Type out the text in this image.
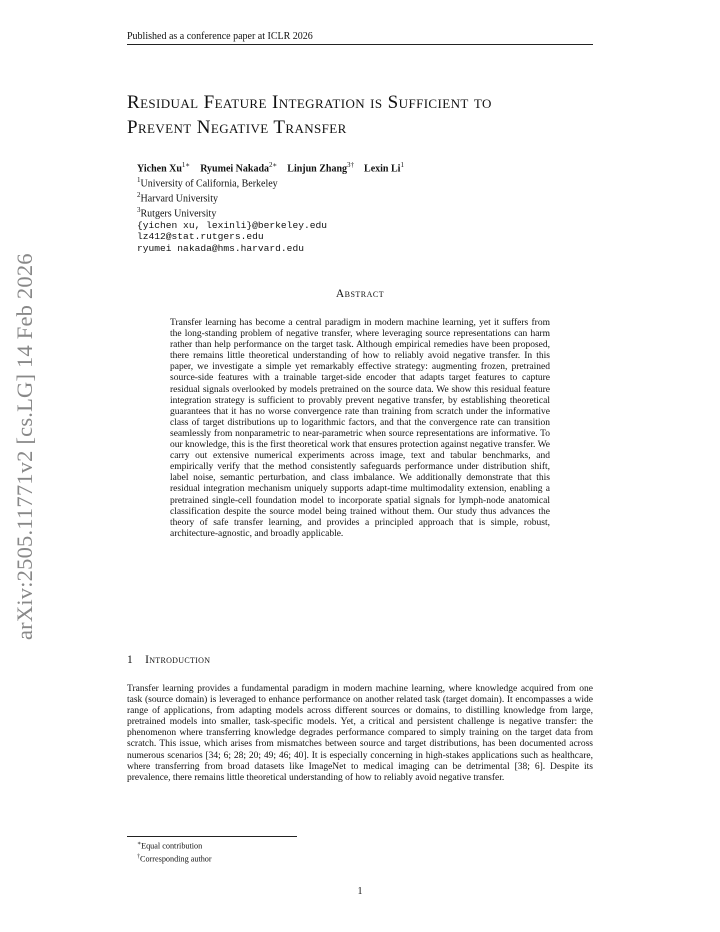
Published as a conference paper at ICLR 2026
arXiv:2505.11771v2 [cs.LG] 14 Feb 2026
Residual Feature Integration is Sufficient to
Prevent Negative Transfer
Yichen $Xu^{1∗}$ Ryumei Nakada$^{2∗}$ Linjun Zhang$^{3\dagger}$ Lexin Li$^1$
$^1$University of California, Berkeley
$^2$Harvard University
$^3$Rutgers University
{yichen xu, lexinli}@berkeley.edu
lz412@stat.rutgers.edu
ryumei nakada@hms.harvard.edu
Abstract

Transfer learning has become a central paradigm in modern machine learning, yet it suffers from the long-standing problem of negative transfer, where leveraging source representations can harm rather than help performance on the target task. Although empirical remedies have been proposed, there remains little theoretical understanding of how to reliably avoid negative transfer. In this paper, we investigate a simple yet remarkably effective strategy: augmenting frozen, pretrained source-side features with a trainable target-side encoder that adapts target features to capture residual signals overlooked by models pretrained on the source data. We show this residual feature integration strategy is sufficient to provably prevent negative transfer, by establishing theoretical guarantees that it has no worse convergence rate than training from scratch under the informative class of target distributions up to logarithmic factors, and that the convergence rate can transition seamlessly from nonparametric to near-parametric when source representations are informative. To our knowledge, this is the first theoretical work that ensures protection against negative transfer. We carry out extensive numerical experiments across image, text and tabular benchmarks, and empirically verify that the method consistently safeguards performance under distribution shift, label noise, semantic perturbation, and class imbalance. We additionally demonstrate that this residual integration mechanism uniquely supports adapt-time multimodality extension, enabling a pretrained single-cell foundation model to incorporate spatial signals for lymph-node anatomical classification despite the source model being trained without them. Our study thus advances the theory of safe transfer learning, and provides a principled approach that is simple, robust, architecture-agnostic, and broadly applicable.

1 Introduction

Transfer learning provides a fundamental paradigm in modern machine learning, where knowledge acquired from one task (source domain) is leveraged to enhance performance on another related task (target domain). It encompasses a wide range of applications, from adapting models across different sources or domains, to distilling knowledge from large, pretrained models into smaller, task-specific models. Yet, a critical and persistent challenge is negative transfer: the phenomenon where transferring knowledge degrades performance compared to simply training on the target data from scratch. This issue, which arises from mismatches between source and target distributions, has been documented across numerous scenarios [34; 6; 28; 20; 49; 46; 40]. It is especially concerning in high-stakes applications such as healthcare, where transferring from broad datasets like ImageNet to medical imaging can be detrimental [38; 6]. Despite its prevalence, there remains little theoretical understanding of how to reliably avoid negative transfer.

∗Equal contribution
†Corresponding author
1
